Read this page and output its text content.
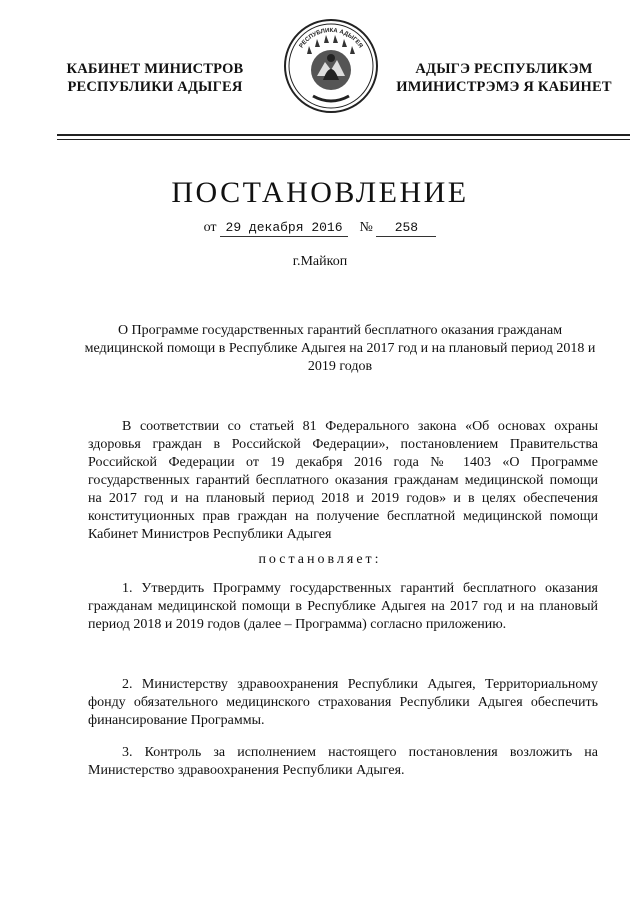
КАБИНЕТ МИНИСТРОВ
РЕСПУБЛИКИ АДЫГЕЯ
РЕСПУБЛИКА АДЫГЕЯ
АДЫГЭ РЕСПУБЛИКЭМ
ИМИНИСТРЭМЭ Я КАБИНЕТ
ПОСТАНОВЛЕНИЕ
от 29 декабря 2016 № 258
г.Майкоп
О Программе государственных гарантий бесплатного оказания гражданам медицинской помощи в Республике Адыгея на 2017 год и на плановый период 2018 и 2019 годов

В соответствии со статьей 81 Федерального закона «Об основах охраны здоровья граждан в Российской Федерации», постановлением Правительства Российской Федерации от 19 декабря 2016 года № 1403 «О Программе государственных гарантий бесплатного оказания гражданам медицинской помощи на 2017 год и на плановый период 2018 и 2019 годов» и в целях обеспечения конституционных прав граждан на получение бесплатной медицинской помощи Кабинет Министров Республики Адыгея

постановляет:

1. Утвердить Программу государственных гарантий бесплатного оказания гражданам медицинской помощи в Республике Адыгея на 2017 год и на плановый период 2018 и 2019 годов (далее – Программа) согласно приложению.

2. Министерству здравоохранения Республики Адыгея, Территориальному фонду обязательного медицинского страхования Республики Адыгея обеспечить финансирование Программы.

3. Контроль за исполнением настоящего постановления возложить на Министерство здравоохранения Республики Адыгея.
